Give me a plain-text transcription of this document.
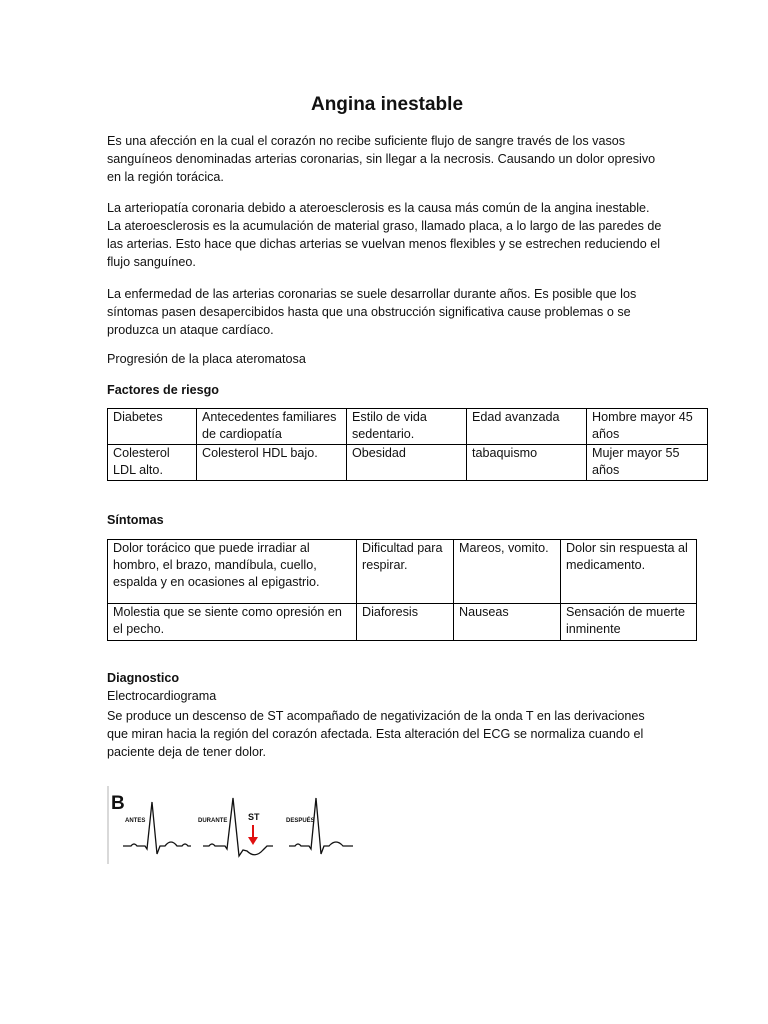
Angina inestable

Es una afección en la cual el corazón no recibe suficiente flujo de sangre través de los vasos sanguíneos denominadas arterias coronarias, sin llegar a la necrosis. Causando un dolor opresivo en la región torácica.

La arteriopatía coronaria debido a ateroesclerosis es la causa más común de la angina inestable. La ateroesclerosis es la acumulación de material graso, llamado placa, a lo largo de las paredes de las arterias. Esto hace que dichas arterias se vuelvan menos flexibles y se estrechen reduciendo el flujo sanguíneo.

La enfermedad de las arterias coronarias se suele desarrollar durante años. Es posible que los síntomas pasen desapercibidos hasta que una obstrucción significativa cause problemas o se produzca un ataque cardíaco.

Progresión de la placa ateromatosa

Factores de riesgo

Diabetes	Antecedentes familiares de cardiopatía	Estilo de vida sedentario.	Edad avanzada	Hombre mayor 45 años
Colesterol LDL alto.	Colesterol HDL bajo.	Obesidad	tabaquismo	Mujer mayor 55 años

Síntomas

Dolor torácico que puede irradiar al hombro, el brazo, mandíbula, cuello, espalda y en ocasiones al epigastrio.	Dificultad para respirar.	Mareos, vomito.	Dolor sin respuesta al medicamento.
Molestia que se siente como opresión en el pecho.	Diaforesis	Nauseas	Sensación de muerte inminente

Diagnostico

Electrocardiograma

Se produce un descenso de ST acompañado de negativización de la onda T en las derivaciones que miran hacia la región del corazón afectada. Esta alteración del ECG se normaliza cuando el paciente deja de tener dolor.

B
ANTES	DURANTE ST	DESPUÉS
